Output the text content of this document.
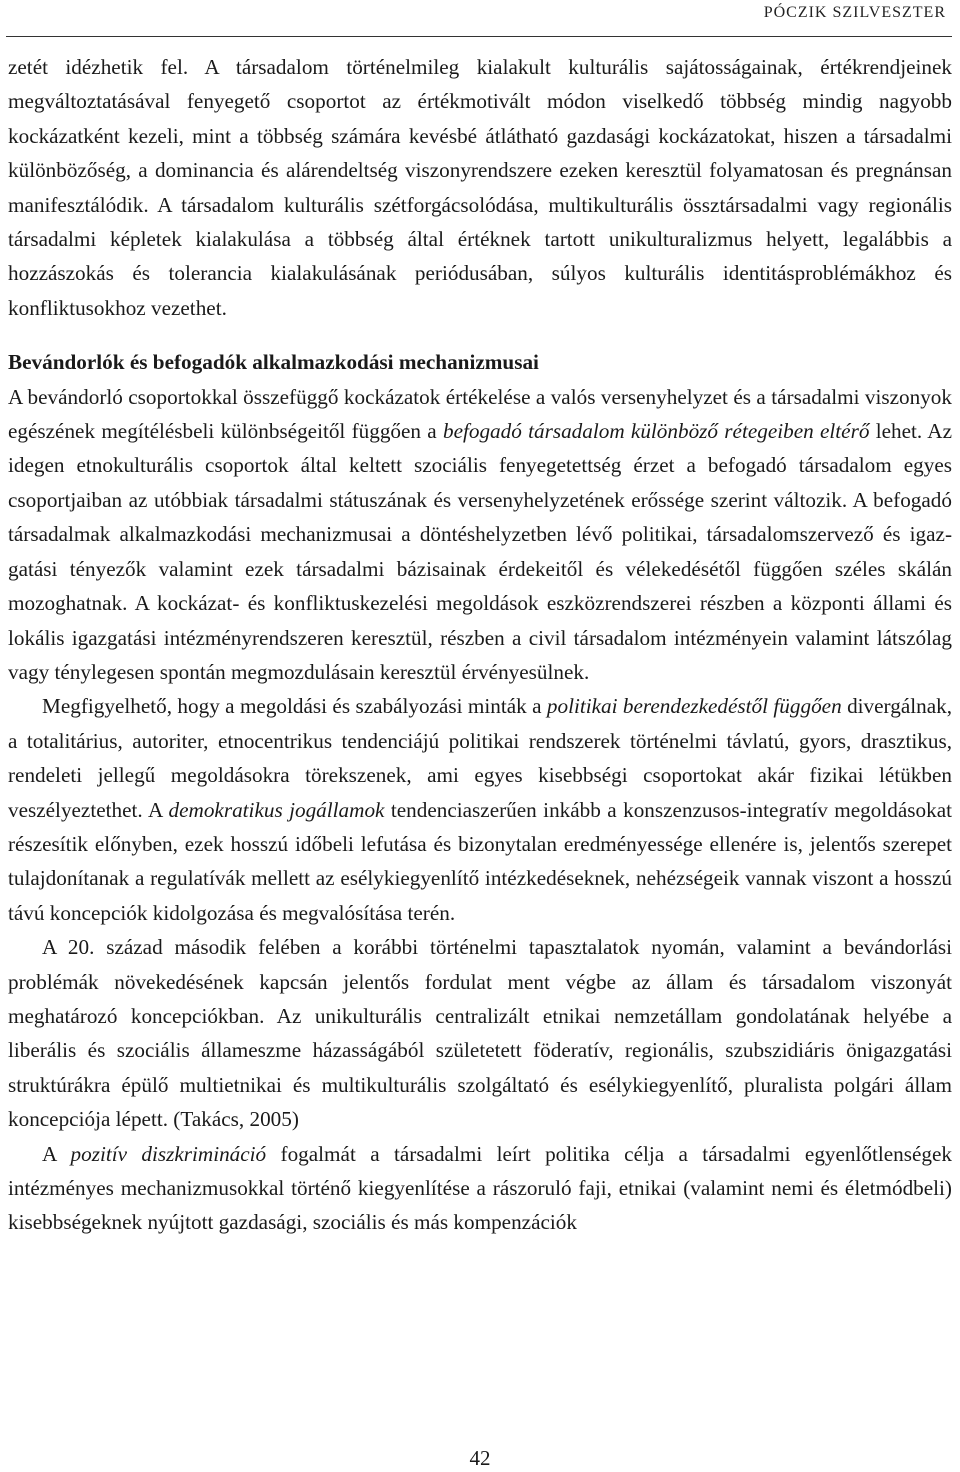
PÓCZIK SZILVESZTER

zetét idézhetik fel. A társadalom történelmileg kialakult kulturális sajátosságainak, értékrendjeinek megváltoztatásával fenyegető csoportot az értékmotivált módon viselkedő többség mindig nagyobb kockázatként kezeli, mint a többség számára kevésbé átlátható gazdasági kockázatokat, hiszen a társadalmi különbözőség, a dominancia és alárendeltség viszonyrendszere ezeken keresztül folyamatosan és pregnánsan manifesztálódik. A társadalom kulturális szétforgácsolódása, multikulturális össztársadalmi vagy regionális társadalmi képletek kialakulása a többség által értéknek tartott unikulturalizmus helyett, legalábbis a hozzászokás és tolerancia kialakulásának periódusában, súlyos kulturális identitásproblémákhoz és konfliktusokhoz vezethet.

Bevándorlók és befogadók alkalmazkodási mechanizmusai

A bevándorló csoportokkal összefüggő kockázatok értékelése a valós versenyhelyzet és a társadalmi viszonyok egészének megítélésbeli különbségeitől függően a befogadó társadalom különböző rétegeiben eltérő lehet. Az idegen etnokulturális csoportok által keltett szociális fenyegetettség érzet a befogadó társadalom egyes csoportjaiban az utóbbiak társadalmi státuszának és versenyhelyzetének erőssége szerint változik. A befogadó társadalmak alkalmazkodási mechanizmusai a döntéshelyzetben lévő politikai, társadalomszervező és igazgatási tényezők valamint ezek társadalmi bázisainak érdekeitől és vélekedésétől függően széles skálán mozoghatnak. A kockázat- és konfliktuskezelési megoldások eszközrendszerei részben a központi állami és lokális igazgatási intézményrendszeren keresztül, részben a civil társadalom intézményein valamint látszólag vagy ténylegesen spontán megmozdulásain keresztül érvényesülnek.

Megfigyelhető, hogy a megoldási és szabályozási minták a politikai berendezkedéstől függően divergálnak, a totalitárius, autoriter, etnocentrikus tendenciájú politikai rendszerek történelmi távlatú, gyors, drasztikus, rendeleti jellegű megoldásokra törekszenek, ami egyes kisebbségi csoportokat akár fizikai létükben veszélyeztethet. A demokratikus jogállamok tendenciaszerűen inkább a konszenzusos-integratív megoldásokat részesítik előnyben, ezek hosszú időbeli lefutása és bizonytalan eredményessége ellenére is, jelentős szerepet tulajdonítanak a regulatívák mellett az esélykiegyenlítő intézkedéseknek, nehézségeik vannak viszont a hosszú távú koncepciók kidolgozása és megvalósítása terén.

A 20. század második felében a korábbi történelmi tapasztalatok nyomán, valamint a bevándorlási problémák növekedésének kapcsán jelentős fordulat ment végbe az állam és társadalom viszonyát meghatározó koncepciókban. Az unikulturális centralizált etnikai nemzetállam gondolatának helyébe a liberális és szociális állameszme házasságából születetett föderatív, regionális, szubszidiáris önigazgatási struktúrákra épülő multietnikai és multikulturális szolgáltató és esélykiegyenlítő, pluralista polgári állam koncepciója lépett. (Takács, 2005)

A pozitív diszkrimináció fogalmát a társadalmi leírt politika célja a társadalmi egyenlőtlenségek intézményes mechanizmusokkal történő kiegyenlítése a rászoruló faji, etnikai (valamint nemi és életmódbeli) kisebbségeknek nyújtott gazdasági, szociális és más kompenzációk

42
